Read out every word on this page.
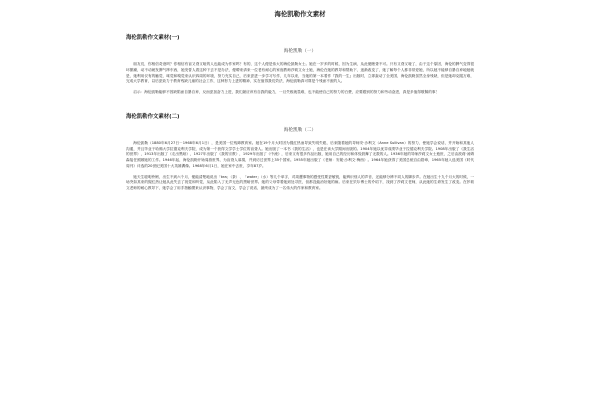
海伦凯勒作文素材
海伦凯勒作文素材(一)
海伦凯勒（一）

朋友们，你相信奇迹吗？你相信有盲又聋又哑的人也能成为作家吗？有的，这个人便是伟大的海伦凯勒女士。她在一岁多的时候，因为生病，从此便瞎聋不可。只有又聋又哑了，由于这个原因，海伦的脾气变得很坏暴躁，动不动就发脾气摔东西，她发誓人看这种下去不是办法，便聘来请来一位老有耐心的家庭教师莎莉文女士她，海伦在她的教导和帮助下，逐渐改变了，她了解每个人都非常爱她，所以她不能够自暴自弃地她就是，她利用仅有的触觉、味觉和嗅觉来认识四周的环境，努力充实自己，后来更进一步学习写作，几年以来，当她的第一本着作『我的一生』出版时，立即轰动了全美国，海伦凯勒虽然全身残缺，但是她却克服万难，完成大学教育，以后更致力于教育残缺儿童的社会工作，这种努力上进的精神，实在值得我们效法，海伦凯勒真可算是个残而不废的人。

启示：海伦凯勒能够不因缺陷而自暴自弃，反而更加奋力上进，我们最应该有自我的毅力，一旦失败就畏难，也不能使自己的努力的白费，应要跟别的努力和劳动奋进，真是多值得敬佩的事！

海伦凯勒作文素材(二)
海伦凯勒（二）

海伦凯勒（1880年6月27日－1968年6月1日），是美国一位残障教育家。她在19个月大时因为猩红热而导致失明失聪，后来随着她的导师安·沙利文（Anne Sullivan）的努力，使她学会说话，并开始和其他人沟通，并且毕业于哈佛大学拉德克利夫学院，成为第一个获得文学学士学位的盲聋人。她出版了一本书《我的生活》，也是在读大学期间出版的。1904年她以优异成绩毕业于拉德克利夫学院。1908年出版了《我生活的世界》，1913年出版了《走出黑暗》，1927年出版了《我的宗教》，1929年出版了《中流》，后来又有很多作品出版，她用自己的经历和体验鼓舞了无数的人。1936年她的导师莎莉文女士逝世，之后由波莉·汤姆森接任照顾她的工作。1946年起，海伦凯勒开始周游世界，为盲聋人募捐，并到访过世界上35个国家。1955年她出版了《老师：安妮·沙利文·梅西》。1964年她获得了美国总统自由勋章，1965年她入选美国《时代周刊》评选的20世纪美国十大英雄偶像。1968年6月1日，她在家中去世，享年87岁。

她天生聪明伶俐，出生不到六个月，便能清楚地说出「tea」（茶）、「water」（水）等几个单字，对周遭事物的感受性要更敏锐，能辨识别人的声音，还能够分辨不同人的脚步声。在她出生十九个月大的时候，一场突如其来的猩红热让她从此失去了视觉和听觉，从此陷入了无声无色的黑暗世界。她的父母带着她到处寻医，但都没能治好她的病。后来在贝尔博士的介绍下，找到了莎莉文老师，从此她的生命发生了改变。在莎莉文老师的耐心教导下，她学会了用手指触摸来认识事物，学会了盲文，学会了说话，最终成为了一名伟大的作家和教育家。
